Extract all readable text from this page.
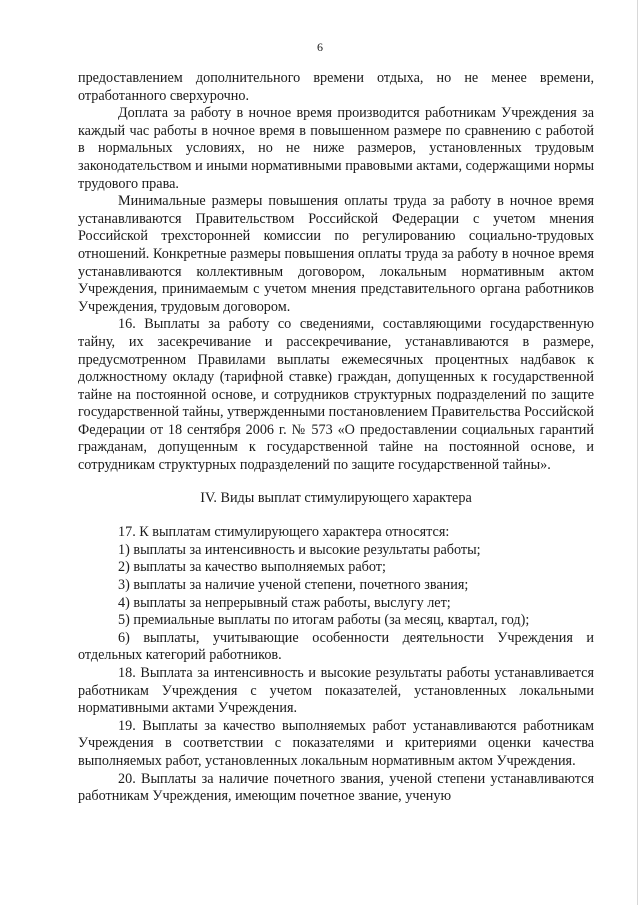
6

предоставлением дополнительного времени отдыха, но не менее времени, отработанного сверхурочно.

Доплата за работу в ночное время производится работникам Учреждения за каждый час работы в ночное время в повышенном размере по сравнению с работой в нормальных условиях, но не ниже размеров, установленных трудовым законодательством и иными нормативными правовыми актами, содержащими нормы трудового права.

Минимальные размеры повышения оплаты труда за работу в ночное время устанавливаются Правительством Российской Федерации с учетом мнения Российской трехсторонней комиссии по регулированию социально-трудовых отношений. Конкретные размеры повышения оплаты труда за работу в ночное время устанавливаются коллективным договором, локальным нормативным актом Учреждения, принимаемым с учетом мнения представительного органа работников Учреждения, трудовым договором.

16. Выплаты за работу со сведениями, составляющими государственную тайну, их засекречивание и рассекречивание, устанавливаются в размере, предусмотренном Правилами выплаты ежемесячных процентных надбавок к должностному окладу (тарифной ставке) граждан, допущенных к государственной тайне на постоянной основе, и сотрудников структурных подразделений по защите государственной тайны, утвержденными постановлением Правительства Российской Федерации от 18 сентября 2006 г. № 573 «О предоставлении социальных гарантий гражданам, допущенным к государственной тайне на постоянной основе, и сотрудникам структурных подразделений по защите государственной тайны».

IV. Виды выплат стимулирующего характера

17. К выплатам стимулирующего характера относятся:

1) выплаты за интенсивность и высокие результаты работы;

2) выплаты за качество выполняемых работ;

3) выплаты за наличие ученой степени, почетного звания;

4) выплаты за непрерывный стаж работы, выслугу лет;

5) премиальные выплаты по итогам работы (за месяц, квартал, год);

6) выплаты, учитывающие особенности деятельности Учреждения и отдельных категорий работников.

18. Выплата за интенсивность и высокие результаты работы устанавливается работникам Учреждения с учетом показателей, установленных локальными нормативными актами Учреждения.

19. Выплаты за качество выполняемых работ устанавливаются работникам Учреждения в соответствии с показателями и критериями оценки качества выполняемых работ, установленных локальным нормативным актом Учреждения.

20. Выплаты за наличие почетного звания, ученой степени устанавливаются работникам Учреждения, имеющим почетное звание, ученую
